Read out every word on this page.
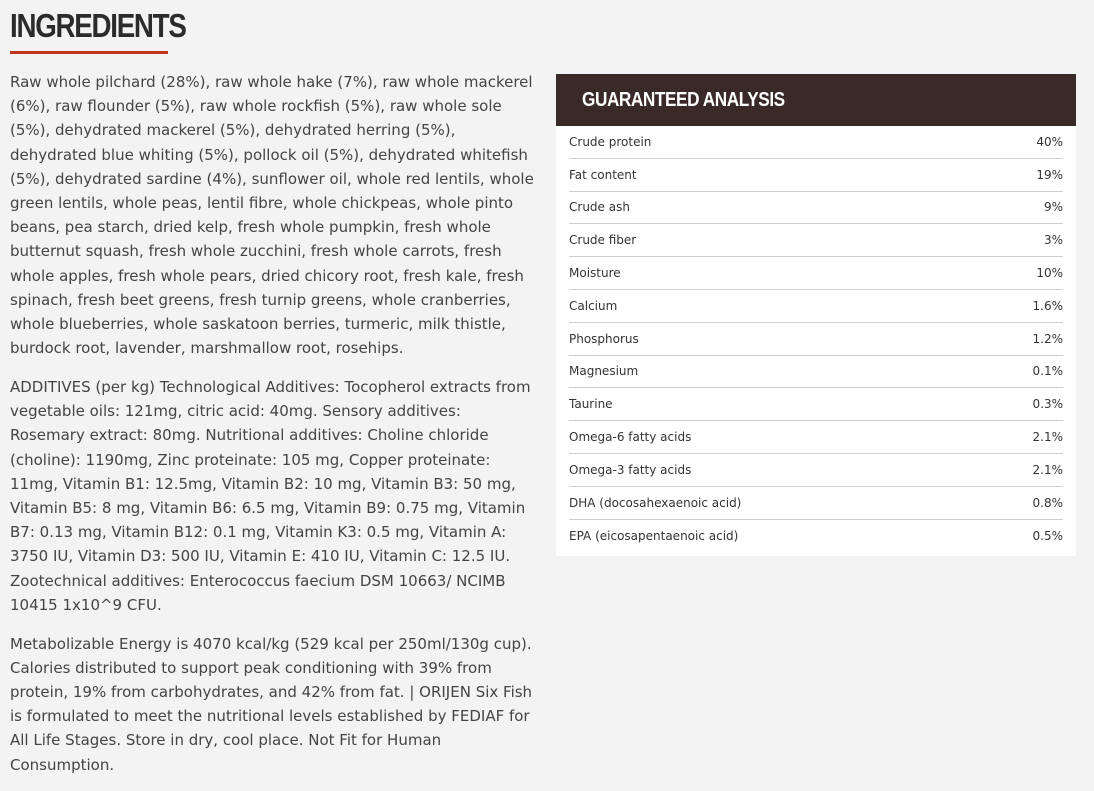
INGREDIENTS

Raw whole pilchard (28%), raw whole hake (7%), raw whole mackerel (6%), raw flounder (5%), raw whole rockfish (5%), raw whole sole (5%), dehydrated mackerel (5%), dehydrated herring (5%), dehydrated blue whiting (5%), pollock oil (5%), dehydrated whitefish (5%), dehydrated sardine (4%), sunflower oil, whole red lentils, whole green lentils, whole peas, lentil fibre, whole chickpeas, whole pinto beans, pea starch, dried kelp, fresh whole pumpkin, fresh whole butternut squash, fresh whole zucchini, fresh whole carrots, fresh whole apples, fresh whole pears, dried chicory root, fresh kale, fresh spinach, fresh beet greens, fresh turnip greens, whole cranberries, whole blueberries, whole saskatoon berries, turmeric, milk thistle, burdock root, lavender, marshmallow root, rosehips.

ADDITIVES (per kg) Technological Additives: Tocopherol extracts from vegetable oils: 121mg, citric acid: 40mg. Sensory additives: Rosemary extract: 80mg. Nutritional additives: Choline chloride (choline): 1190mg, Zinc proteinate: 105 mg, Copper proteinate: 11mg, Vitamin B1: 12.5mg, Vitamin B2: 10 mg, Vitamin B3: 50 mg, Vitamin B5: 8 mg, Vitamin B6: 6.5 mg, Vitamin B9: 0.75 mg, Vitamin B7: 0.13 mg, Vitamin B12: 0.1 mg, Vitamin K3: 0.5 mg, Vitamin A: 3750 IU, Vitamin D3: 500 IU, Vitamin E: 410 IU, Vitamin C: 12.5 IU. Zootechnical additives: Enterococcus faecium DSM 10663/ NCIMB 10415 1x10^9 CFU.

Metabolizable Energy is 4070 kcal/kg (529 kcal per 250ml/130g cup). Calories distributed to support peak conditioning with 39% from protein, 19% from carbohydrates, and 42% from fat. | ORIJEN Six Fish is formulated to meet the nutritional levels established by FEDIAF for All Life Stages. Store in dry, cool place. Not Fit for Human Consumption.

GUARANTEED ANALYSIS
Crude protein	40%
Fat content	19%
Crude ash	9%
Crude fiber	3%
Moisture	10%
Calcium	1.6%
Phosphorus	1.2%
Magnesium	0.1%
Taurine	0.3%
Omega-6 fatty acids	2.1%
Omega-3 fatty acids	2.1%
DHA (docosahexaenoic acid)	0.8%
EPA (eicosapentaenoic acid)	0.5%
